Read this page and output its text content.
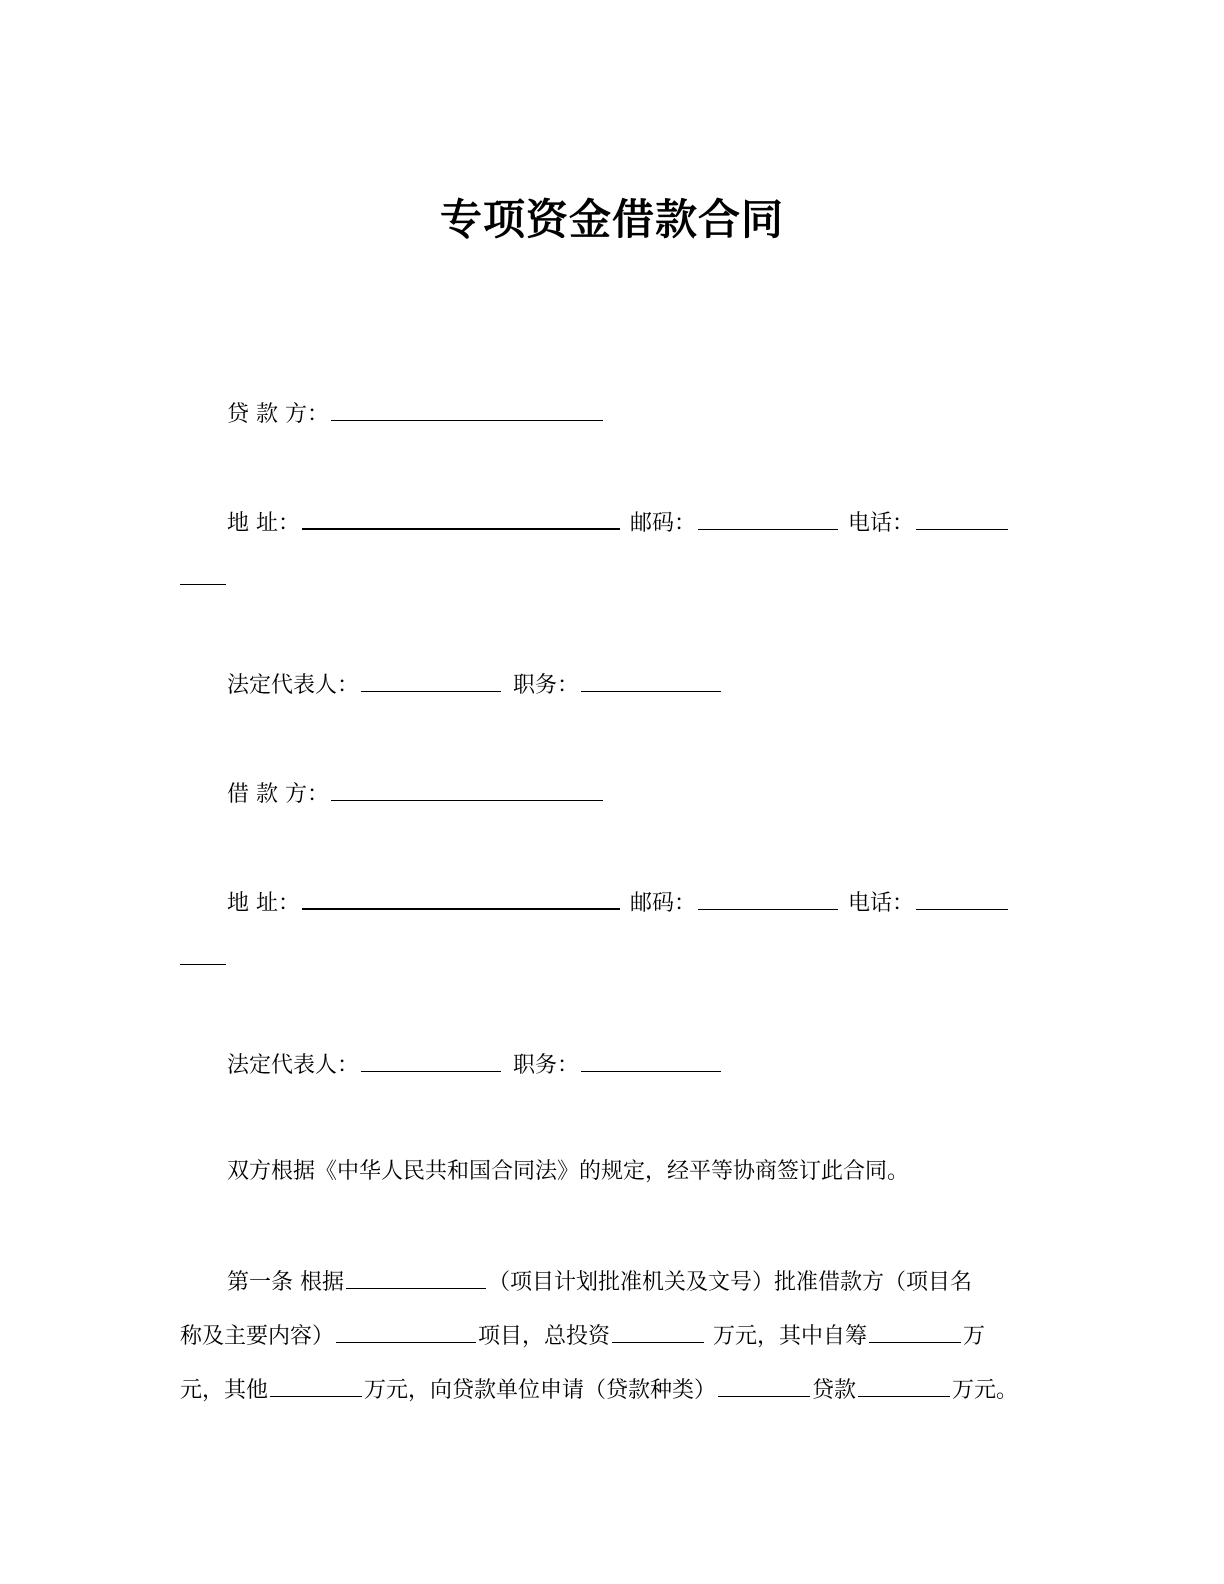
专项资金借款合同
贷 款 方：
地 址：	邮码：	电话：
法定代表人：	职务：
借 款 方：
地 址：	邮码：	电话：
法定代表人：	职务：
双方根据《中华人民共和国合同法》的规定，经平等协商签订此合同。
第一条 根据	（项目计划批准机关及文号）批准借款方（项目名
称及主要内容）	项目，总投资	万元，其中自筹	万
元，其他	万元，向贷款单位申请（贷款种类）	贷款	万元。
